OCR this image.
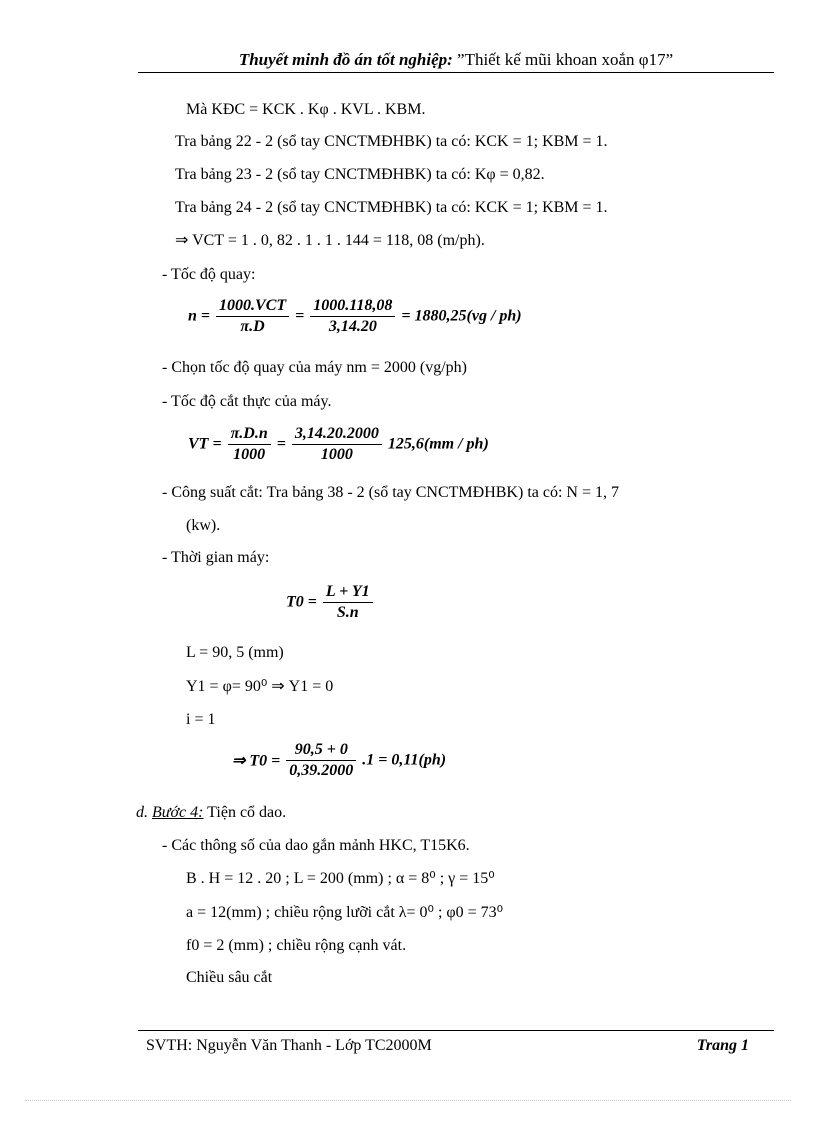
Thuyết minh đồ án tốt nghiệp: ”Thiết kế mũi khoan xoắn φ17”
Mà KĐC = KCK . Kφ . KVL . KBM.
Tra bảng 22 - 2 (sổ tay CNCTMĐHBK) ta có: KCK = 1; KBM = 1.
Tra bảng 23 - 2 (sổ tay CNCTMĐHBK) ta có: Kφ = 0,82.
Tra bảng 24 - 2 (sổ tay CNCTMĐHBK) ta có: KCK = 1; KBM = 1.
⇒ VCT = 1 . 0, 82 . 1 . 1 . 144 = 118, 08 (m/ph).
- Tốc độ quay:
$n = \frac{\text{1000.VCT}}{\pi.D} = \frac{1000.118,08}{3,14.20} = 1880,25(vg / ph)$
- Chọn tốc độ quay của máy nm = 2000 (vg/ph)
- Tốc độ cắt thực của máy.
VT = $\frac{\pi.D.n}{1000} = \frac{3,14.20.2000}{1000} 125,6(mm / ph)$
- Công suất cắt: Tra bảng 38 - 2 (sổ tay CNCTMĐHBK) ta có: N = 1, 7
(kw).
- Thời gian máy:
$T0 = \frac{L + Y1}{S.n}$
L = 90, 5 (mm)
Y1 = φ= 90⁰ ⇒ Y1 = 0
i = 1
⇒ $T0 = \frac{90,5 + 0}{0,39.2000} .1 = 0,11(ph)$
d. Bước 4: Tiện cổ dao.
- Các thông số của dao gắn mảnh HKC, T15K6.
B . H = 12 . 20 ; L = 200 (mm) ; α = 8⁰ ; γ = 15⁰
a = 12(mm) ; chiều rộng lưỡi cắt λ= 0⁰ ; φ0 = 73⁰
f0 = 2 (mm) ; chiều rộng cạnh vát.
Chiều sâu cắt
SVTH: Nguyễn Văn Thanh - Lớp TC2000M	Trang 1
